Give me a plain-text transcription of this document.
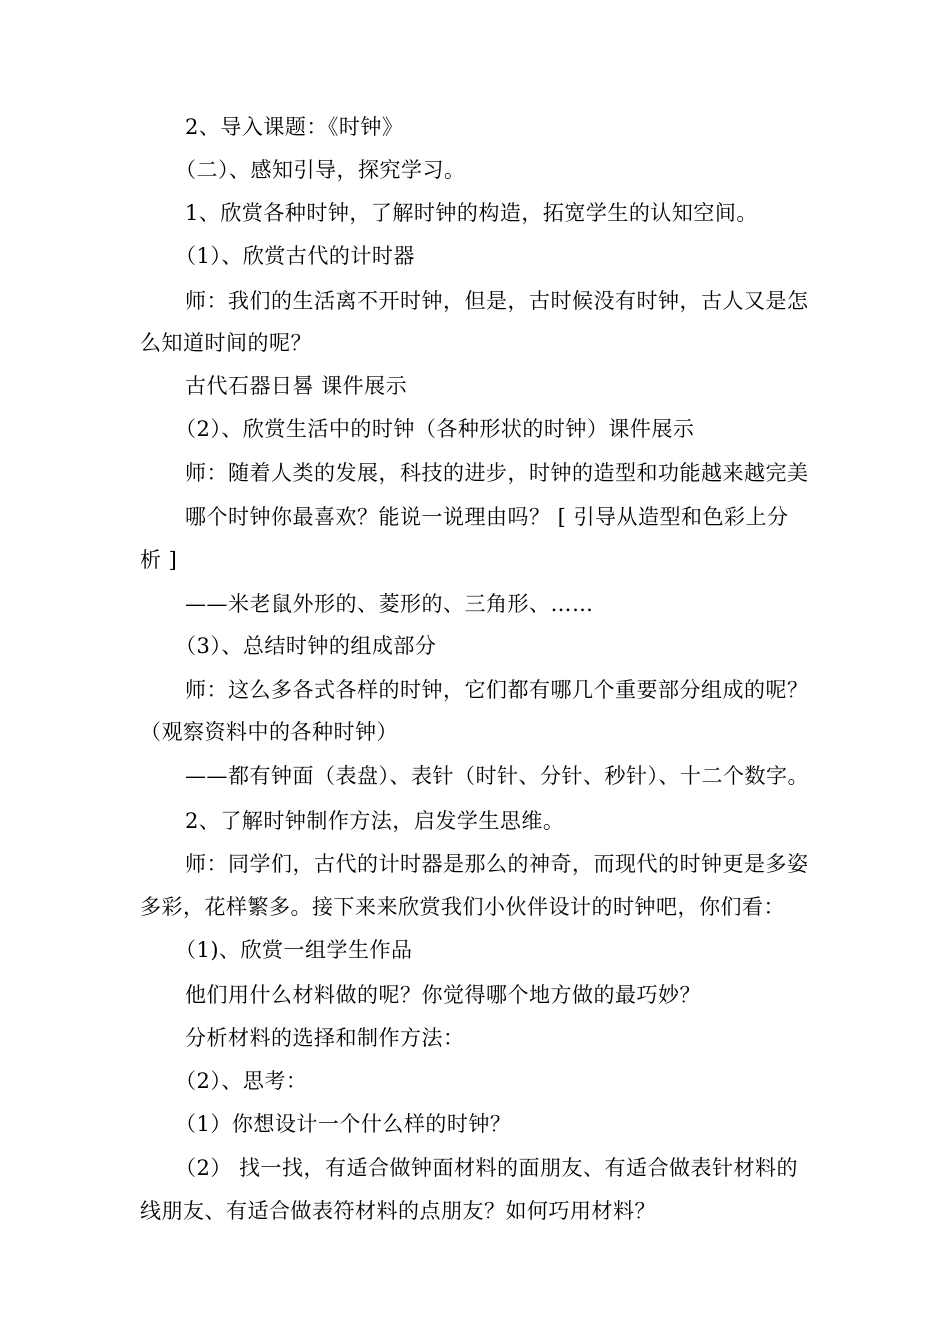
2、导入课题：《时钟》
（二）、感知引导，探究学习。
1、欣赏各种时钟，了解时钟的构造，拓宽学生的认知空间。
（1）、欣赏古代的计时器
师：我们的生活离不开时钟，但是，古时候没有时钟，古人又是怎
么知道时间的呢？
古代石器日晷 课件展示
（2）、欣赏生活中的时钟（各种形状的时钟）课件展示
师：随着人类的发展，科技的进步，时钟的造型和功能越来越完美
哪个时钟你最喜欢？能说一说理由吗？ [ 引导从造型和色彩上分
析 ]
——米老鼠外形的、菱形的、三角形、……
（3）、总结时钟的组成部分
师：这么多各式各样的时钟，它们都有哪几个重要部分组成的呢？
（观察资料中的各种时钟）
——都有钟面（表盘）、表针（时针、分针、秒针）、十二个数字。
2、了解时钟制作方法，启发学生思维。
师：同学们，古代的计时器是那么的神奇，而现代的时钟更是多姿
多彩，花样繁多。接下来来欣赏我们小伙伴设计的时钟吧，你们看：
（1)、欣赏一组学生作品
他们用什么材料做的呢？你觉得哪个地方做的最巧妙？
分析材料的选择和制作方法：
（2）、思考：
（1）你想设计一个什么样的时钟？
（2） 找一找，有适合做钟面材料的面朋友、有适合做表针材料的
线朋友、有适合做表符材料的点朋友？如何巧用材料？
